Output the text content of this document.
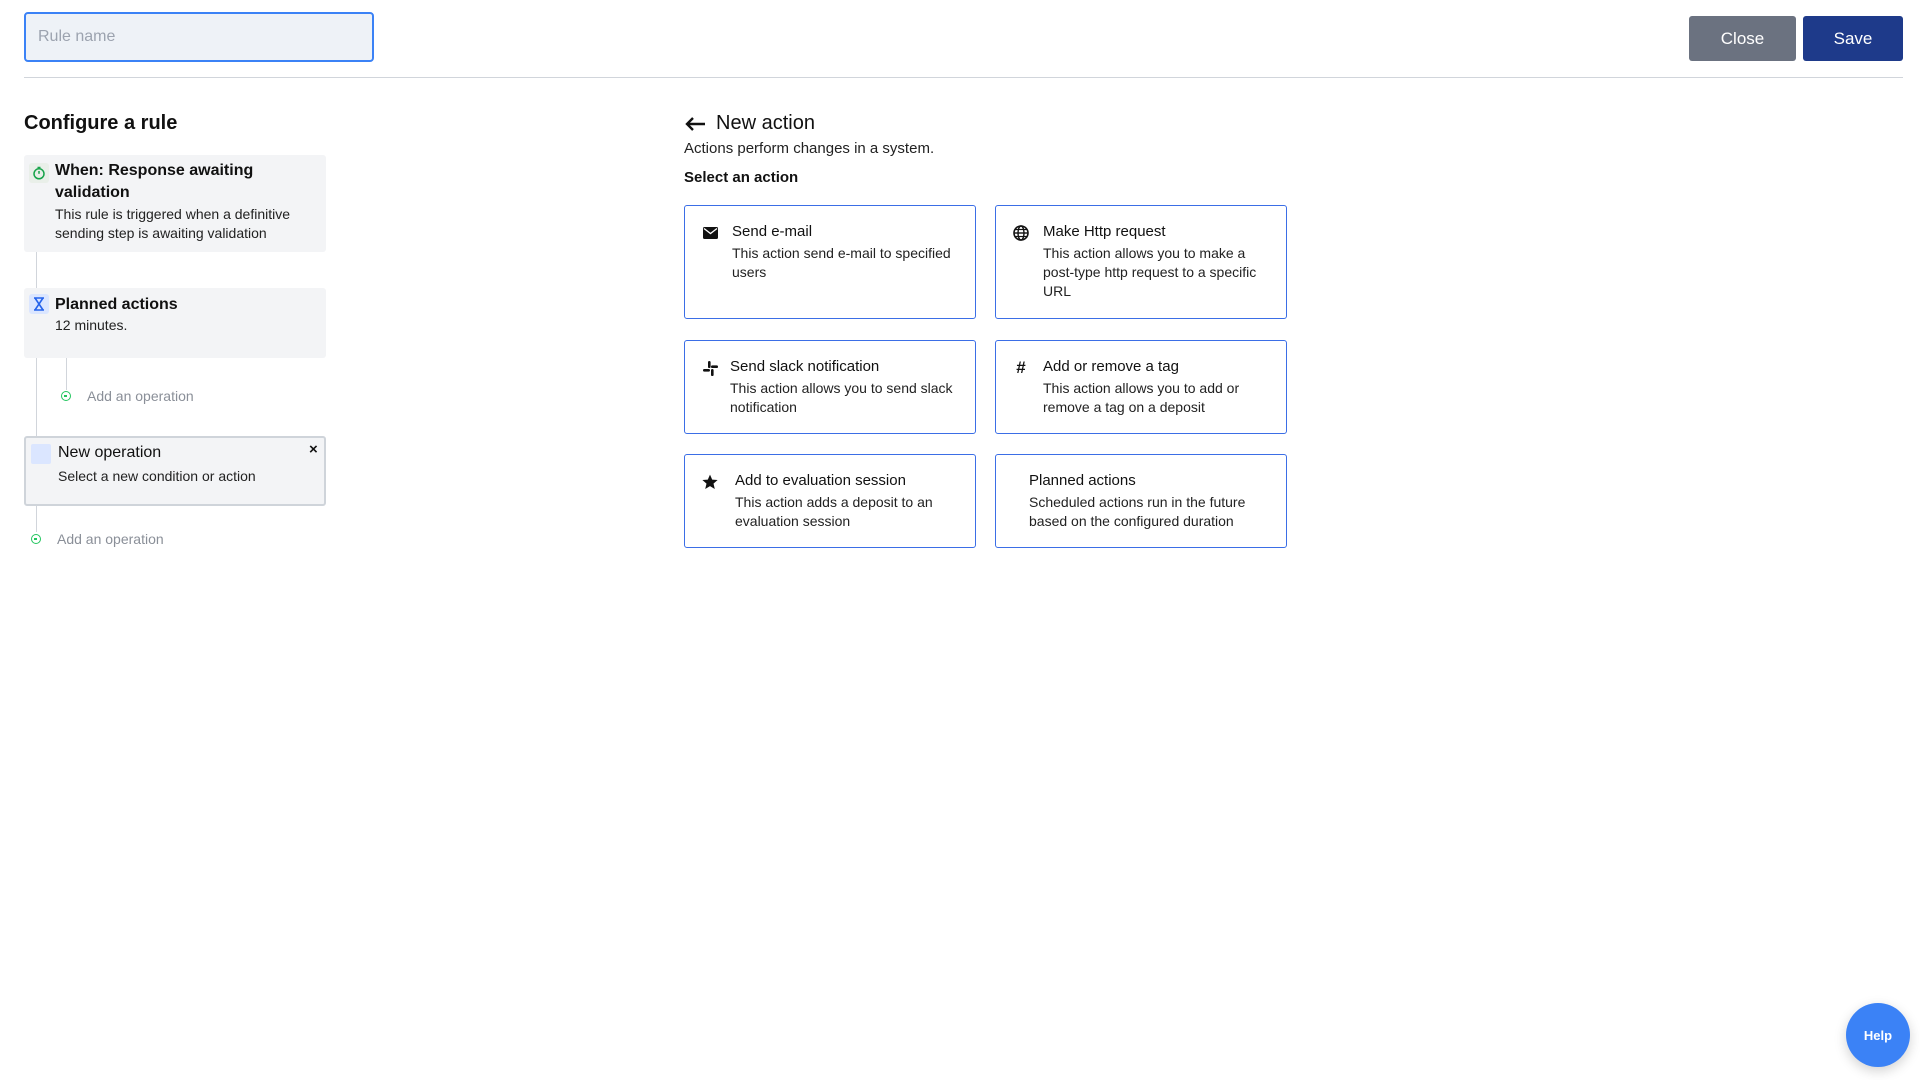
Rule name
Close	Save
Configure a rule
When: Response awaiting validation
This rule is triggered when a definitive sending step is awaiting validation
Planned actions
12 minutes.
Add an operation
New operation
Select a new condition or action
×
Add an operation
New action
Actions perform changes in a system.
Select an action
Send e-mail
This action send e-mail to specified users
Make Http request
This action allows you to make a post-type http request to a specific URL
Send slack notification
This action allows you to send slack notification
# Add or remove a tag
This action allows you to add or remove a tag on a deposit
Add to evaluation session
This action adds a deposit to an evaluation session
Planned actions
Scheduled actions run in the future based on the configured duration
Help
